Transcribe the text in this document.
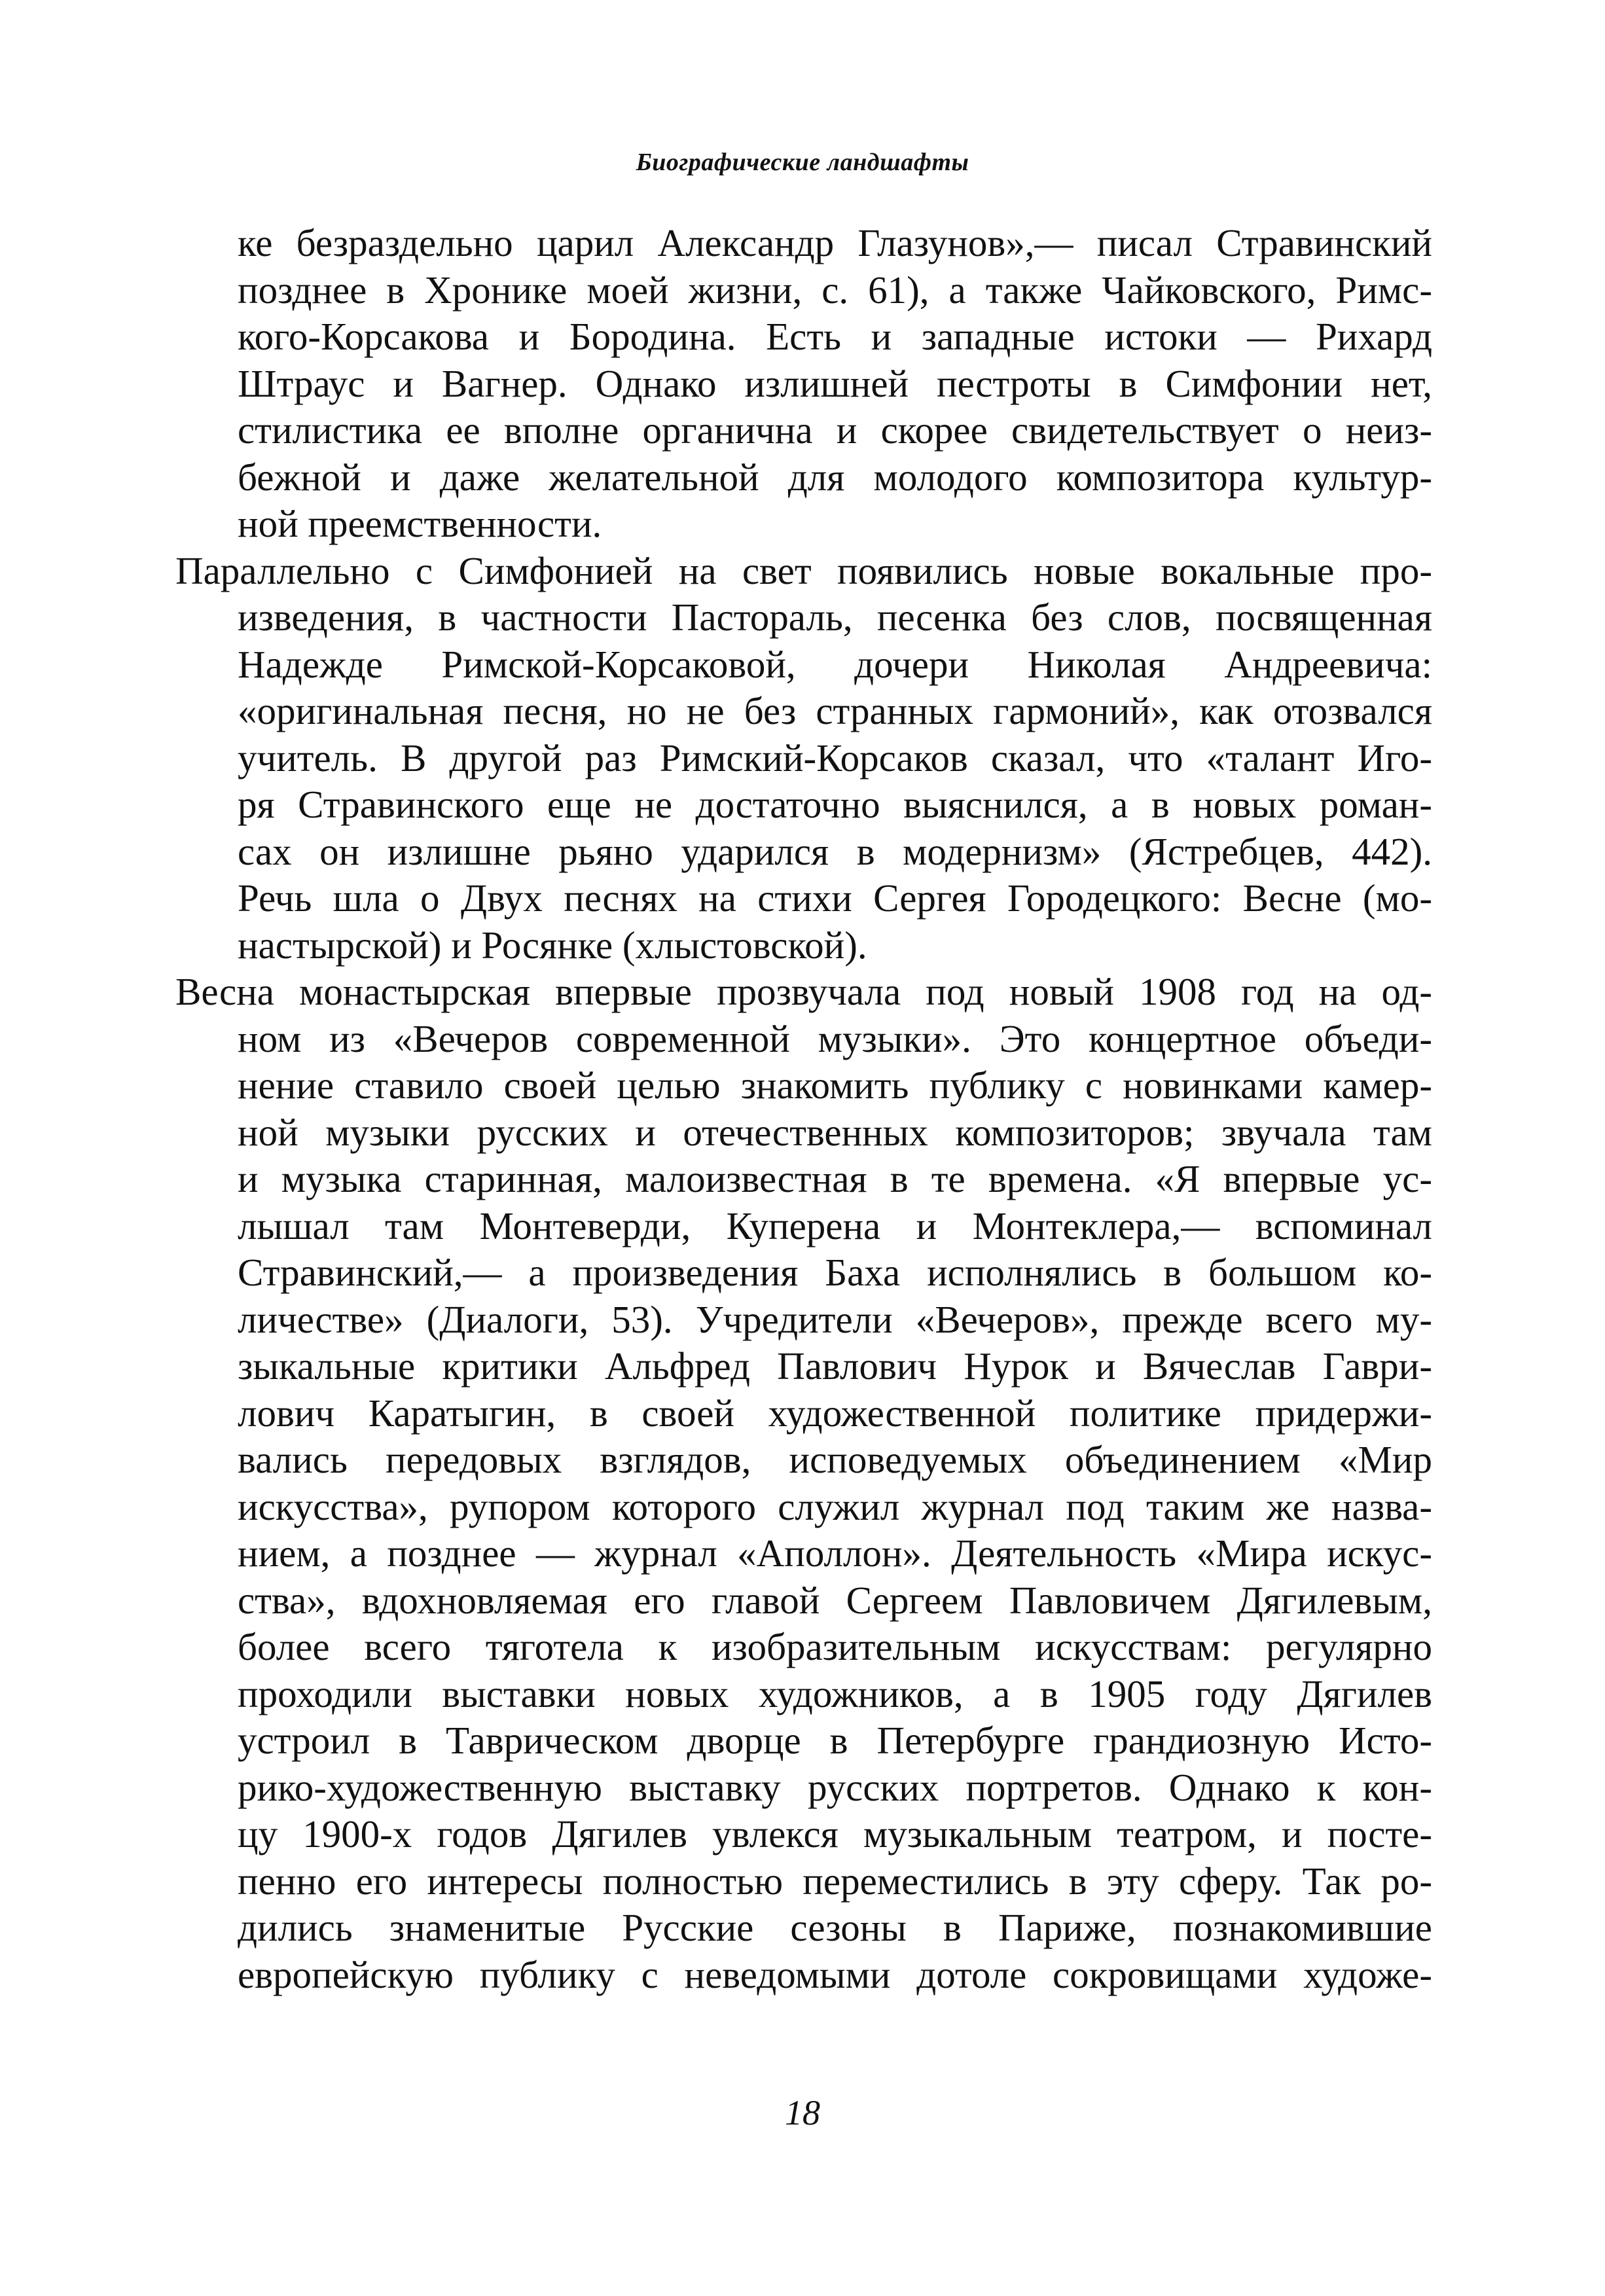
Биографические ландшафты
ке безраздельно царил Александр Глазунов»,— писал Стравинский
позднее в Хронике моей жизни, с. 61), а также Чайковского, Римс-
кого-Корсакова и Бородина. Есть и западные истоки — Рихард
Штраус и Вагнер. Однако излишней пестроты в Симфонии нет,
стилистика ее вполне органична и скорее свидетельствует о неиз-
бежной и даже желательной для молодого композитора культур-
ной преемственности.
Параллельно с Симфонией на свет появились новые вокальные про-
изведения, в частности Пастораль, песенка без слов, посвященная
Надежде Римской-Корсаковой, дочери Николая Андреевича:
«оригинальная песня, но не без странных гармоний», как отозвался
учитель. В другой раз Римский-Корсаков сказал, что «талант Иго-
ря Стравинского еще не достаточно выяснился, а в новых роман-
сах он излишне рьяно ударился в модернизм» (Ястребцев, 442).
Речь шла о Двух песнях на стихи Сергея Городецкого: Весне (мо-
настырской) и Росянке (хлыстовской).
Весна монастырская впервые прозвучала под новый 1908 год на од-
ном из «Вечеров современной музыки». Это концертное объеди-
нение ставило своей целью знакомить публику с новинками камер-
ной музыки русских и отечественных композиторов; звучала там
и музыка старинная, малоизвестная в те времена. «Я впервые ус-
лышал там Монтеверди, Куперена и Монтеклера,— вспоминал
Стравинский,— а произведения Баха исполнялись в большом ко-
личестве» (Диалоги, 53). Учредители «Вечеров», прежде всего му-
зыкальные критики Альфред Павлович Нурок и Вячеслав Гаври-
лович Каратыгин, в своей художественной политике придержи-
вались передовых взглядов, исповедуемых объединением «Мир
искусства», рупором которого служил журнал под таким же назва-
нием, а позднее — журнал «Аполлон». Деятельность «Мира искус-
ства», вдохновляемая его главой Сергеем Павловичем Дягилевым,
более всего тяготела к изобразительным искусствам: регулярно
проходили выставки новых художников, а в 1905 году Дягилев
устроил в Таврическом дворце в Петербурге грандиозную Исто-
рико-художественную выставку русских портретов. Однако к кон-
цу 1900-х годов Дягилев увлекся музыкальным театром, и посте-
пенно его интересы полностью переместились в эту сферу. Так ро-
дились знаменитые Русские сезоны в Париже, познакомившие
европейскую публику с неведомыми дотоле сокровищами художе-
18
